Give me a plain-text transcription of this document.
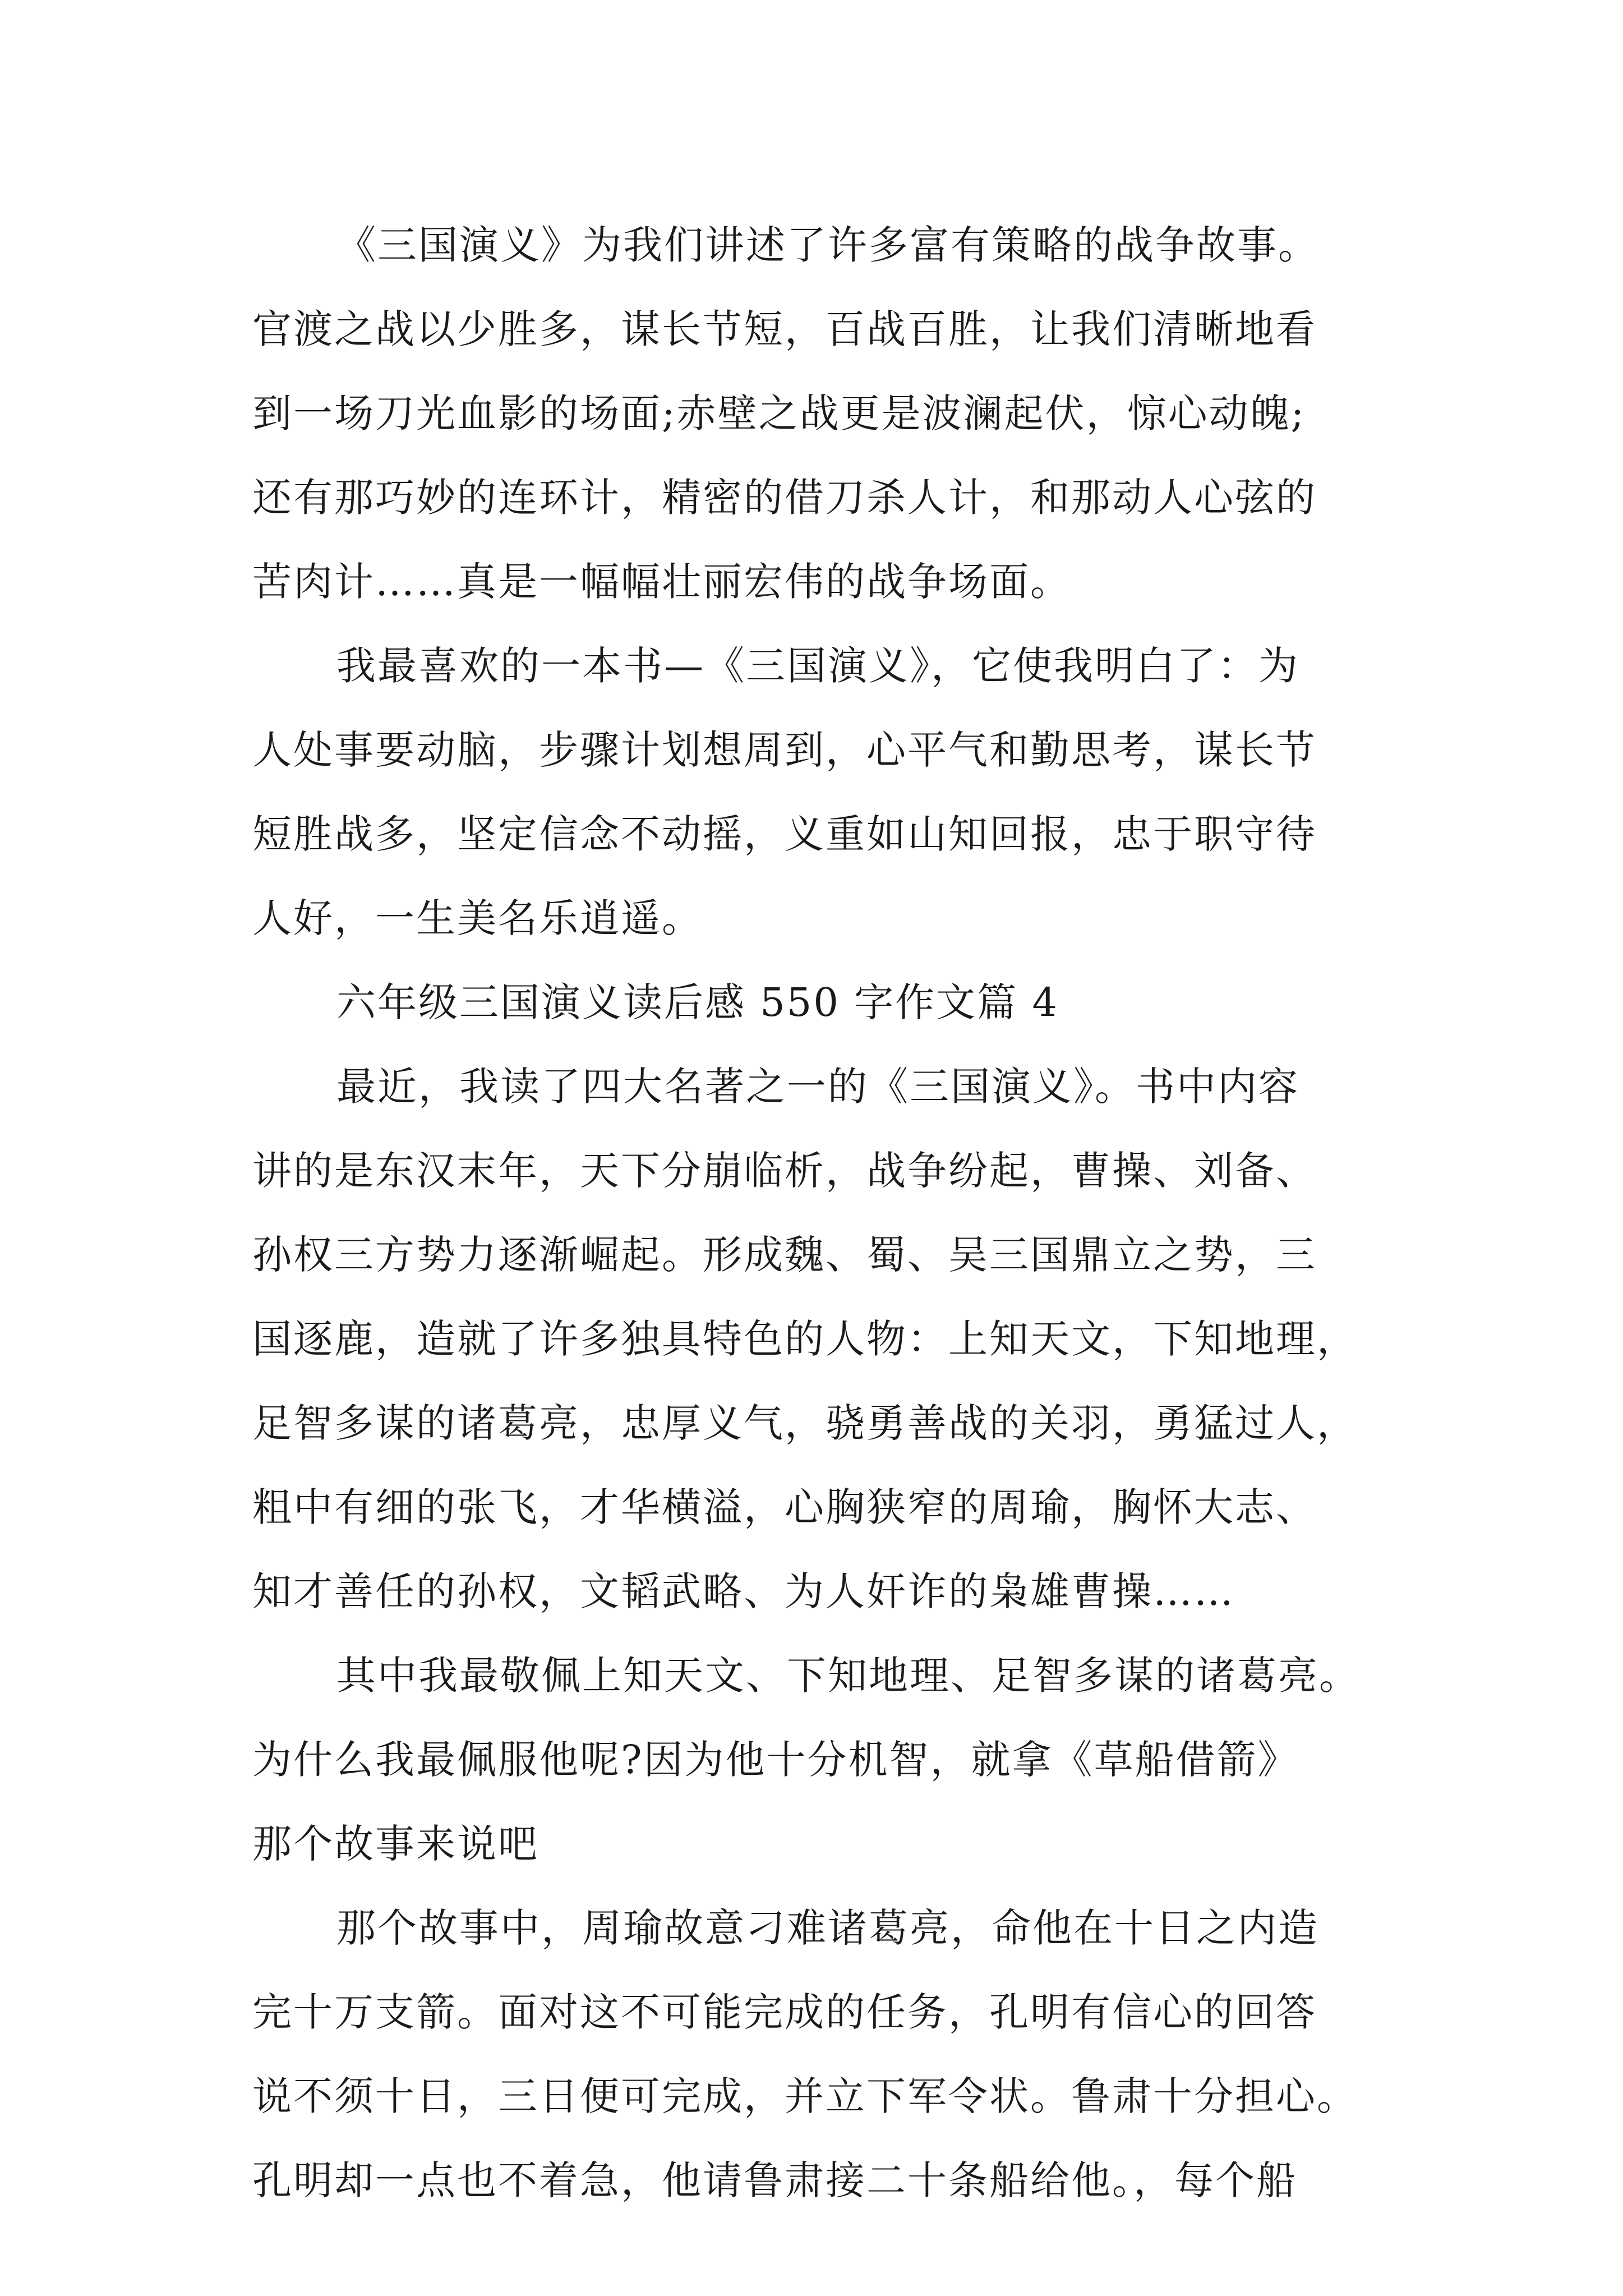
《三国演义》为我们讲述了许多富有策略的战争故事。
官渡之战以少胜多，谋长节短，百战百胜，让我们清晰地看
到一场刀光血影的场面;赤壁之战更是波澜起伏，惊心动魄;
还有那巧妙的连环计，精密的借刀杀人计，和那动人心弦的
苦肉计……真是一幅幅壮丽宏伟的战争场面。
我最喜欢的一本书—《三国演义》，它使我明白了：为
人处事要动脑，步骤计划想周到，心平气和勤思考，谋长节
短胜战多，坚定信念不动摇，义重如山知回报，忠于职守待
人好，一生美名乐逍遥。
六年级三国演义读后感 550 字作文篇 4
最近，我读了四大名著之一的《三国演义》。书中内容
讲的是东汉末年，天下分崩临析，战争纷起，曹操、刘备、
孙权三方势力逐渐崛起。形成魏、蜀、吴三国鼎立之势，三
国逐鹿，造就了许多独具特色的人物：上知天文，下知地理，
足智多谋的诸葛亮，忠厚义气，骁勇善战的关羽，勇猛过人，
粗中有细的张飞，才华横溢，心胸狭窄的周瑜，胸怀大志、
知才善任的孙权，文韬武略、为人奸诈的枭雄曹操……
其中我最敬佩上知天文、下知地理、足智多谋的诸葛亮。
为什么我最佩服他呢?因为他十分机智，就拿《草船借箭》
那个故事来说吧
那个故事中，周瑜故意刁难诸葛亮，命他在十日之内造
完十万支箭。面对这不可能完成的任务，孔明有信心的回答
说不须十日，三日便可完成，并立下军令状。鲁肃十分担心。
孔明却一点也不着急，他请鲁肃接二十条船给他。，每个船
